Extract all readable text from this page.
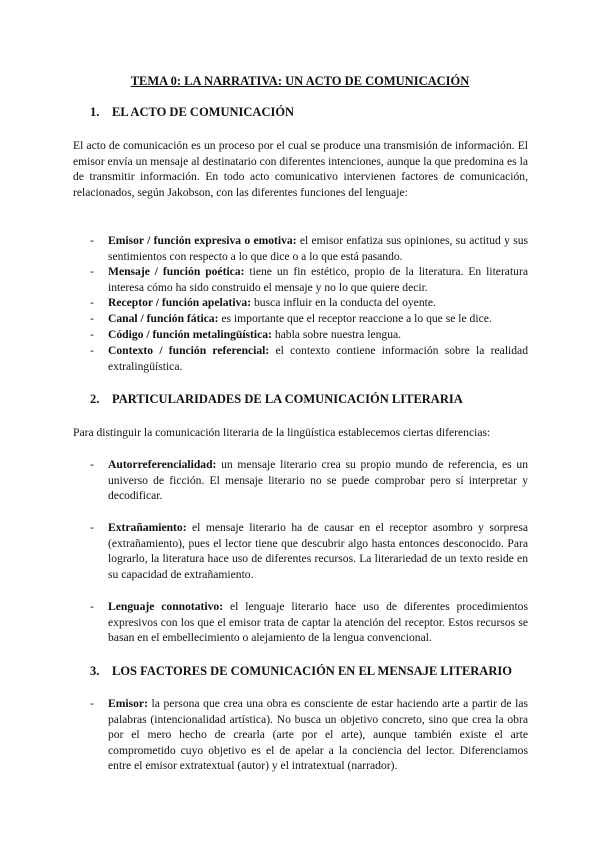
TEMA 0: LA NARRATIVA: UN ACTO DE COMUNICACIÓN
1. EL ACTO DE COMUNICACIÓN
El acto de comunicación es un proceso por el cual se produce una transmisión de información. El emisor envía un mensaje al destinatario con diferentes intenciones, aunque la que predomina es la de transmitir información. En todo acto comunicativo intervienen factores de comunicación, relacionados, según Jakobson, con las diferentes funciones del lenguaje:
-	Emisor / función expresiva o emotiva: el emisor enfatiza sus opiniones, su actitud y sus sentimientos con respecto a lo que dice o a lo que está pasando.
-	Mensaje / función poética: tiene un fin estético, propio de la literatura. En literatura interesa cómo ha sido construido el mensaje y no lo que quiere decir.
-	Receptor / función apelativa: busca influir en la conducta del oyente.
-	Canal / función fática: es importante que el receptor reaccione a lo que se le dice.
-	Código / función metalingüística: habla sobre nuestra lengua.
-	Contexto / función referencial: el contexto contiene información sobre la realidad extralingüística.
2. PARTICULARIDADES DE LA COMUNICACIÓN LITERARIA
Para distinguir la comunicación literaria de la lingüística establecemos ciertas diferencias:
-	Autorreferencialidad: un mensaje literario crea su propio mundo de referencia, es un universo de ficción. El mensaje literario no se puede comprobar pero sí interpretar y decodificar.
-	Extrañamiento: el mensaje literario ha de causar en el receptor asombro y sorpresa (extrañamiento), pues el lector tiene que descubrir algo hasta entonces desconocido. Para lograrlo, la literatura hace uso de diferentes recursos. La literariedad de un texto reside en su capacidad de extrañamiento.
-	Lenguaje connotativo: el lenguaje literario hace uso de diferentes procedimientos expresivos con los que el emisor trata de captar la atención del receptor. Estos recursos se basan en el embellecimiento o alejamiento de la lengua convencional.
3. LOS FACTORES DE COMUNICACIÓN EN EL MENSAJE LITERARIO
-	Emisor: la persona que crea una obra es consciente de estar haciendo arte a partir de las palabras (intencionalidad artística). No busca un objetivo concreto, sino que crea la obra por el mero hecho de crearla (arte por el arte), aunque también existe el arte comprometido cuyo objetivo es el de apelar a la conciencia del lector. Diferenciamos entre el emisor extratextual (autor) y el intratextual (narrador).
